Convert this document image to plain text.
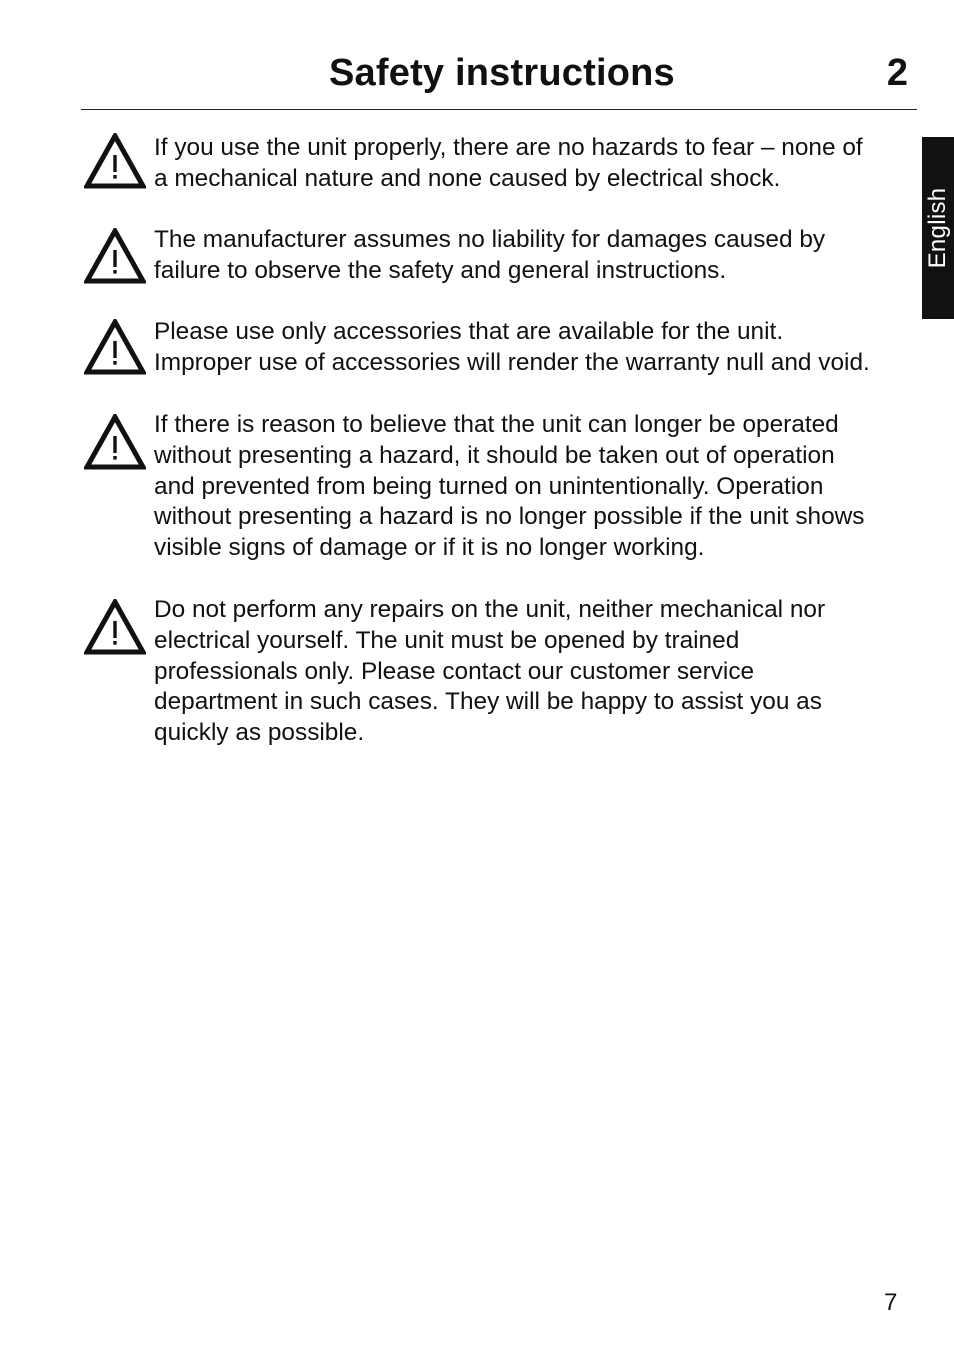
Safety instructions	2
English
If you use the unit properly, there are no hazards to fear – none of
a mechanical nature and none caused by electrical shock.
The manufacturer assumes no liability for damages caused by
failure to observe the safety and general instructions.
Please use only accessories that are available for the unit.
Improper use of accessories will render the warranty null and void.
If there is reason to believe that the unit can longer be operated
without presenting a hazard, it should be taken out of operation
and prevented from being turned on unintentionally. Operation
without presenting a hazard is no longer possible if the unit shows
visible signs of damage or if it is no longer working.
Do not perform any repairs on the unit, neither mechanical nor
electrical yourself. The unit must be opened by trained
professionals only. Please contact our customer service
department in such cases. They will be happy to assist you as
quickly as possible.
7
